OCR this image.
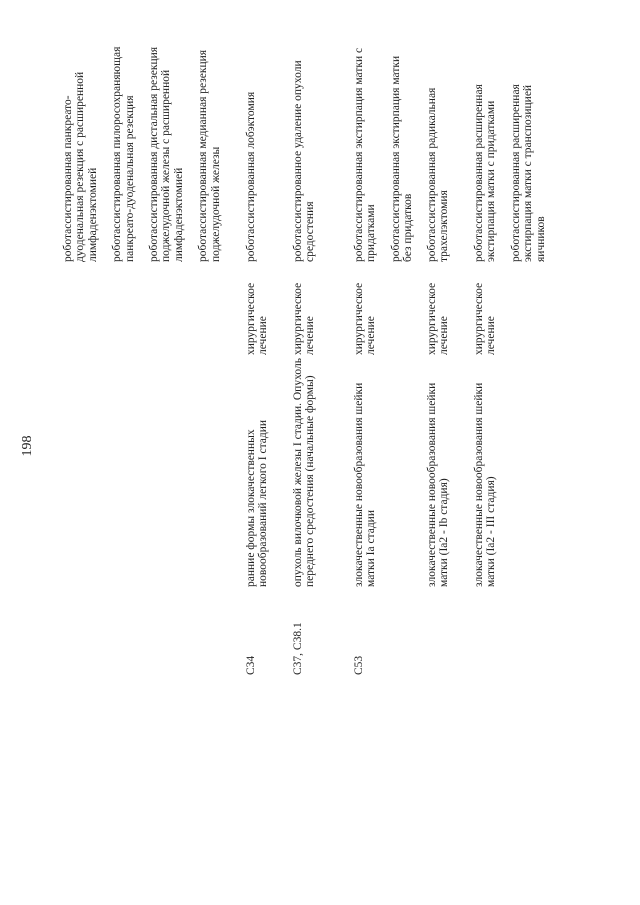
198

роботассистированная панкреато-дуоденальная резекция с расширенной лимфаденэктомией роботассистированная пилоросохраняющая панкреато-дуоденальная резекция роботассистированная дистальная резекция поджелудочной железы с расширенной лимфаденэктомией роботассистированная медианная резекция поджелудочной железы

C34
ранние формы злокачественных новообразований легкого I стадии
хирургическое лечение

роботассистированная лобэктомия

C37, C38.1
опухоль вилочковой железы I стадии. Опухоль переднего средостения (начальные формы)
хирургическое лечение

роботассистированное удаление опухоли средостения

C53
злокачественные новообразования шейки матки Ia стадии
хирургическое лечение

роботассистированная экстирпация матки с придатками роботассистированная экстирпация матки без придатков

злокачественные новообразования шейки матки (Ia2 - Ib стадия)
хирургическое лечение

роботассистированная радикальная трахелэктомия

злокачественные новообразования шейки матки (Ia2 - III стадия)
хирургическое лечение

роботассистированная расширенная экстирпация матки с придатками роботассистированная расширенная экстирпация матки с транспозицией яичников
